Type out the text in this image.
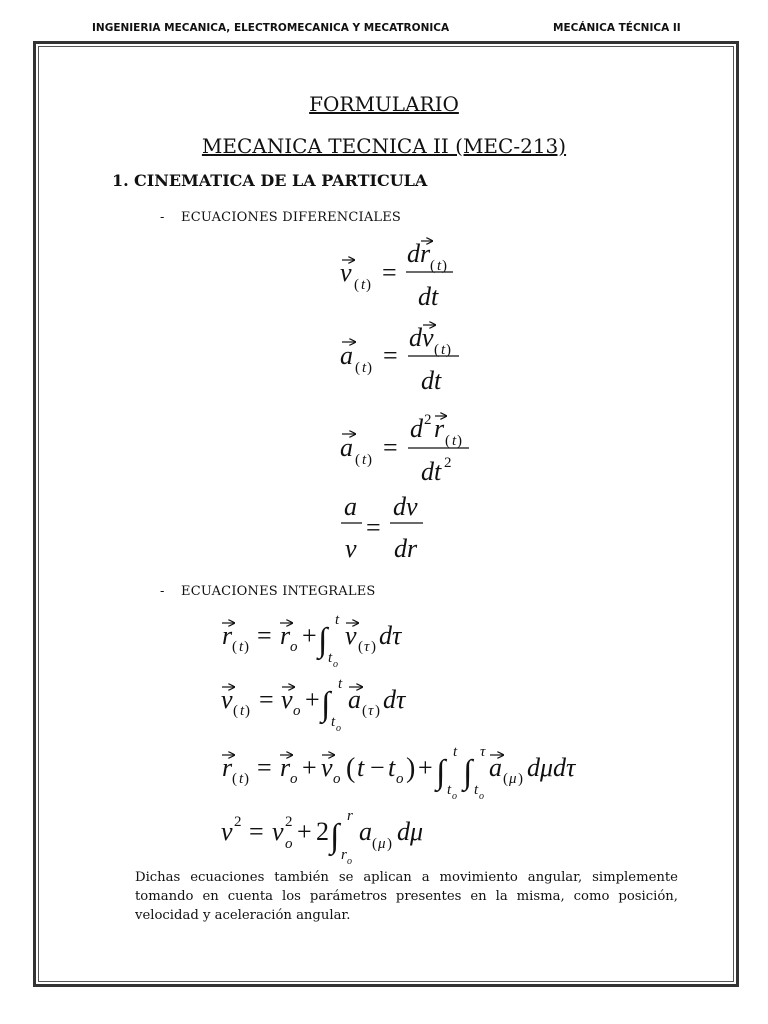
INGENIERIA MECANICA, ELECTROMECANICA Y MECATRONICA	MECÁNICA TÉCNICA II
FORMULARIO
MECANICA TECNICA II (MEC-213)
1. CINEMATICA DE LA PARTICULA
- ECUACIONES DIFERENCIALES
- ECUACIONES INTEGRALES
v ( t ) =
d r ( t )
dt
a ( t ) =
d v ( t )
dt
a ( t ) =
d 2 r ( t )
dt 2
a
v
=
dv
dr
r ( t ) = r o + ∫
t
t o
v ( τ ) dτ
v ( t ) = v o + ∫
t
t o
a ( τ ) dτ
r ( t ) = r o + v o ( t − t o ) + ∫
t
t o
∫
τ
t o
a ( μ ) dμdτ
v 2 = v 2
o + 2 ∫
r
r o
a ( μ ) dμ
Dichas ecuaciones también se aplican a movimiento angular, simplemente tomando en cuenta los parámetros presentes en la misma, como posición, velocidad y aceleración angular.
